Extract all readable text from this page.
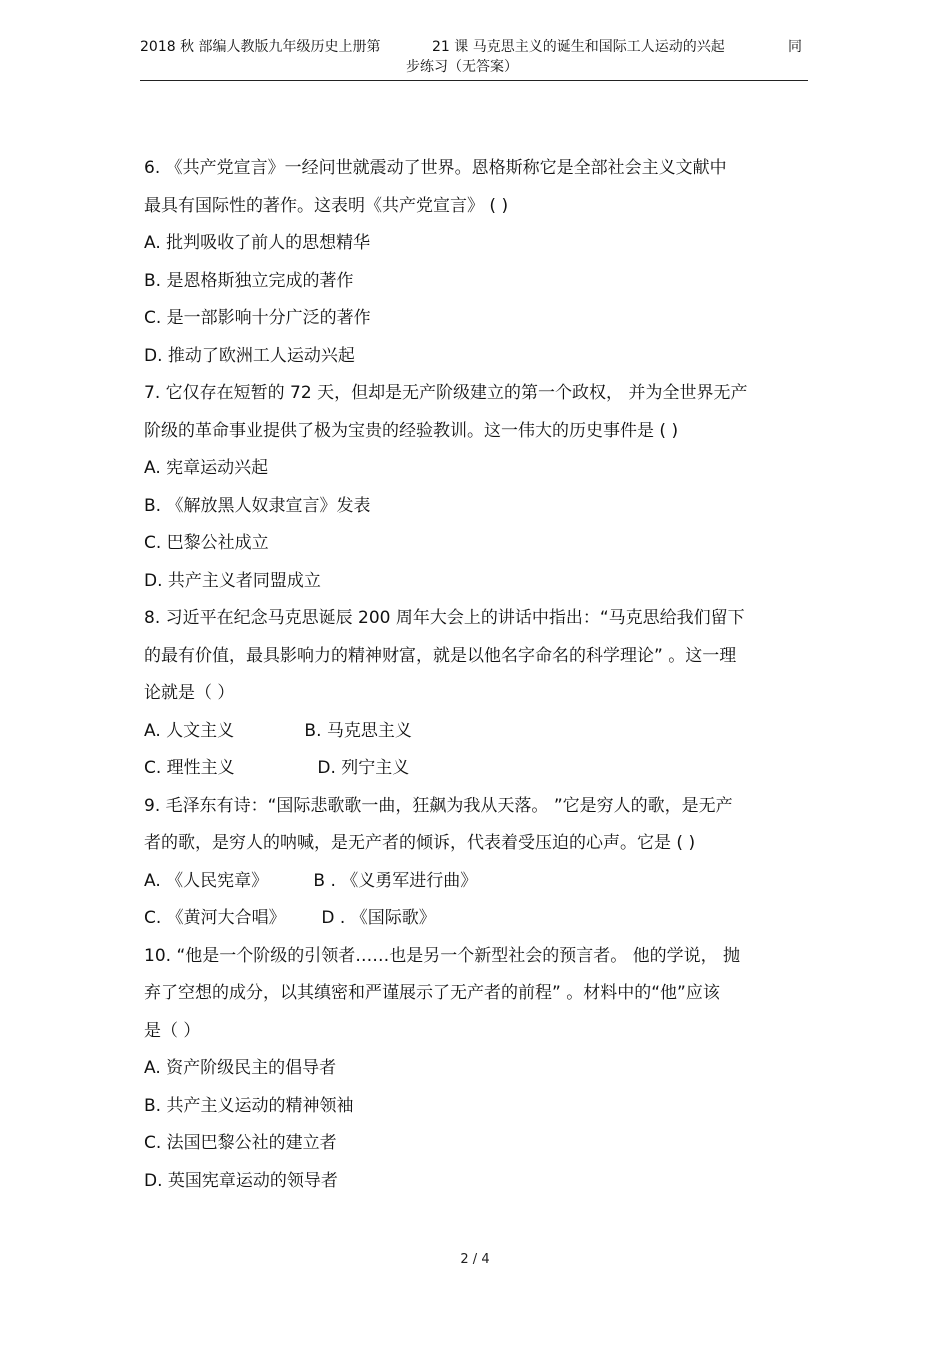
2018 秋 部编人教版九年级历史上册第	21 课 马克思主义的诞生和国际工人运动的兴起	同
步练习（无答案）
6. 《共产党宣言》一经问世就震动了世界。恩格斯称它是全部社会主义文献中
最具有国际性的著作。这表明《共产党宣言》 ( )
A. 批判吸收了前人的思想精华
B. 是恩格斯独立完成的著作
C. 是一部影响十分广泛的著作
D. 推动了欧洲工人运动兴起
7. 它仅存在短暂的 72 天，但却是无产阶级建立的第一个政权， 并为全世界无产
阶级的革命事业提供了极为宝贵的经验教训。这一伟大的历史事件是 ( )
A. 宪章运动兴起
B. 《解放黑人奴隶宣言》发表
C. 巴黎公社成立
D. 共产主义者同盟成立
8. 习近平在纪念马克思诞辰 200 周年大会上的讲话中指出：“马克思给我们留下
的最有价值，最具影响力的精神财富，就是以他名字命名的科学理论” 。这一理
论就是（ ）
A. 人文主义	B. 马克思主义
C. 理性主义	D. 列宁主义
9. 毛泽东有诗：“国际悲歌歌一曲，狂飙为我从天落。 ”它是穷人的歌，是无产
者的歌，是穷人的呐喊，是无产者的倾诉，代表着受压迫的心声。它是 ( )
A. 《人民宪章》	B . 《义勇军进行曲》
C. 《黄河大合唱》 D . 《国际歌》
10. “他是一个阶级的引领者……也是另一个新型社会的预言者。 他的学说， 抛
弃了空想的成分，以其缜密和严谨展示了无产者的前程” 。材料中的“他”应该
是（ ）
A. 资产阶级民主的倡导者
B. 共产主义运动的精神领袖
C. 法国巴黎公社的建立者
D. 英国宪章运动的领导者
2 / 4
